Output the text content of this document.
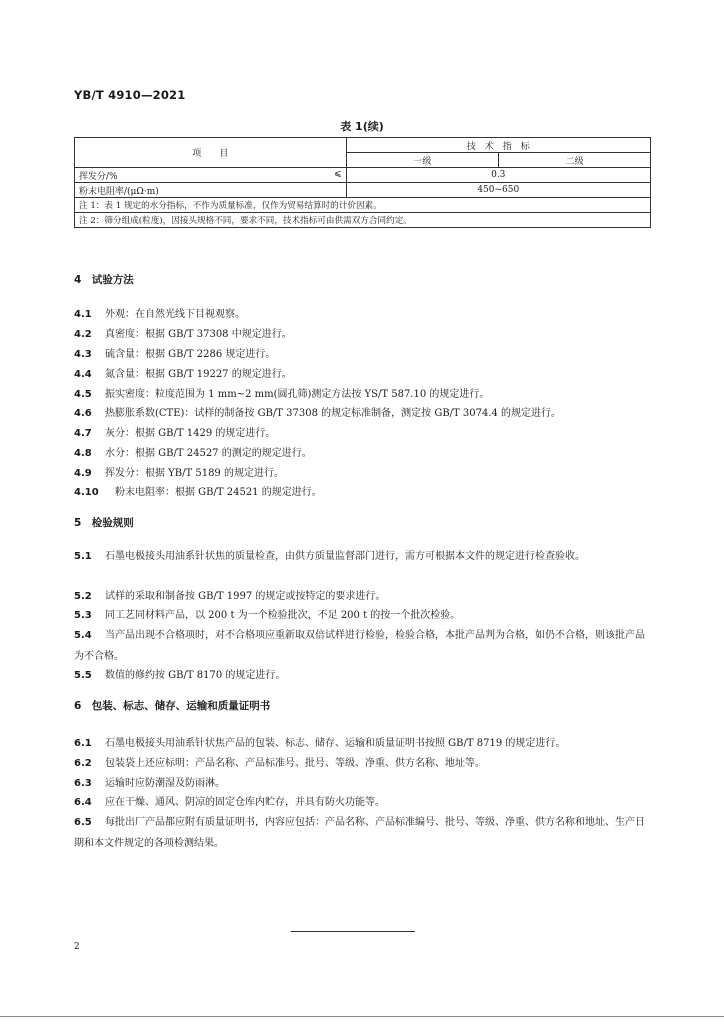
YB/T 4910—2021
表 1(续)
项　　目	技　术　指　标	
	一级	二级
挥发分/% ⩽	0.3	
粉末电阻率/(μΩ·m)	450~650	
注 1：表 1 规定的水分指标，不作为质量标准，仅作为贸易结算时的计价因素。		
注 2：筛分组成(粒度)，因接头规格不同，要求不同，技术指标可由供需双方合同约定。		
4　试验方法
4.1 外观：在自然光线下目视观察。
4.2 真密度：根据 GB/T 37308 中规定进行。
4.3 硫含量：根据 GB/T 2286 规定进行。
4.4 氮含量：根据 GB/T 19227 的规定进行。
4.5 振实密度：粒度范围为 1 mm~2 mm(圆孔筛)测定方法按 YS/T 587.10 的规定进行。
4.6 热膨胀系数(CTE)：试样的制备按 GB/T 37308 的规定标准制备，测定按 GB/T 3074.4 的规定进行。
4.7 灰分：根据 GB/T 1429 的规定进行。
4.8 水分：根据 GB/T 24527 的测定的规定进行。
4.9 挥发分：根据 YB/T 5189 的规定进行。
4.10 粉末电阻率：根据 GB/T 24521 的规定进行。
5　检验规则
5.1 石墨电极接头用油系针状焦的质量检查，由供方质量监督部门进行，需方可根据本文件的规定进行检查验收。
5.2 试样的采取和制备按 GB/T 1997 的规定或按特定的要求进行。
5.3 同工艺同材料产品，以 200 t 为一个检验批次，不足 200 t 的按一个批次检验。
5.4 当产品出现不合格项时，对不合格项应重新取双倍试样进行检验，检验合格，本批产品判为合格，如仍不合格，则该批产品为不合格。
5.5 数值的修约按 GB/T 8170 的规定进行。
6　包装、标志、储存、运输和质量证明书
6.1 石墨电极接头用油系针状焦产品的包装、标志、储存、运输和质量证明书按照 GB/T 8719 的规定进行。
6.2 包装袋上还应标明：产品名称、产品标准号、批号、等级、净重、供方名称、地址等。
6.3 运输时应防潮湿及防雨淋。
6.4 应在干燥、通风、阴凉的固定仓库内贮存，并具有防火功能等。
6.5 每批出厂产品都应附有质量证明书，内容应包括：产品名称、产品标准编号、批号、等级、净重、供方名称和地址、生产日期和本文件规定的各项检测结果。
2
